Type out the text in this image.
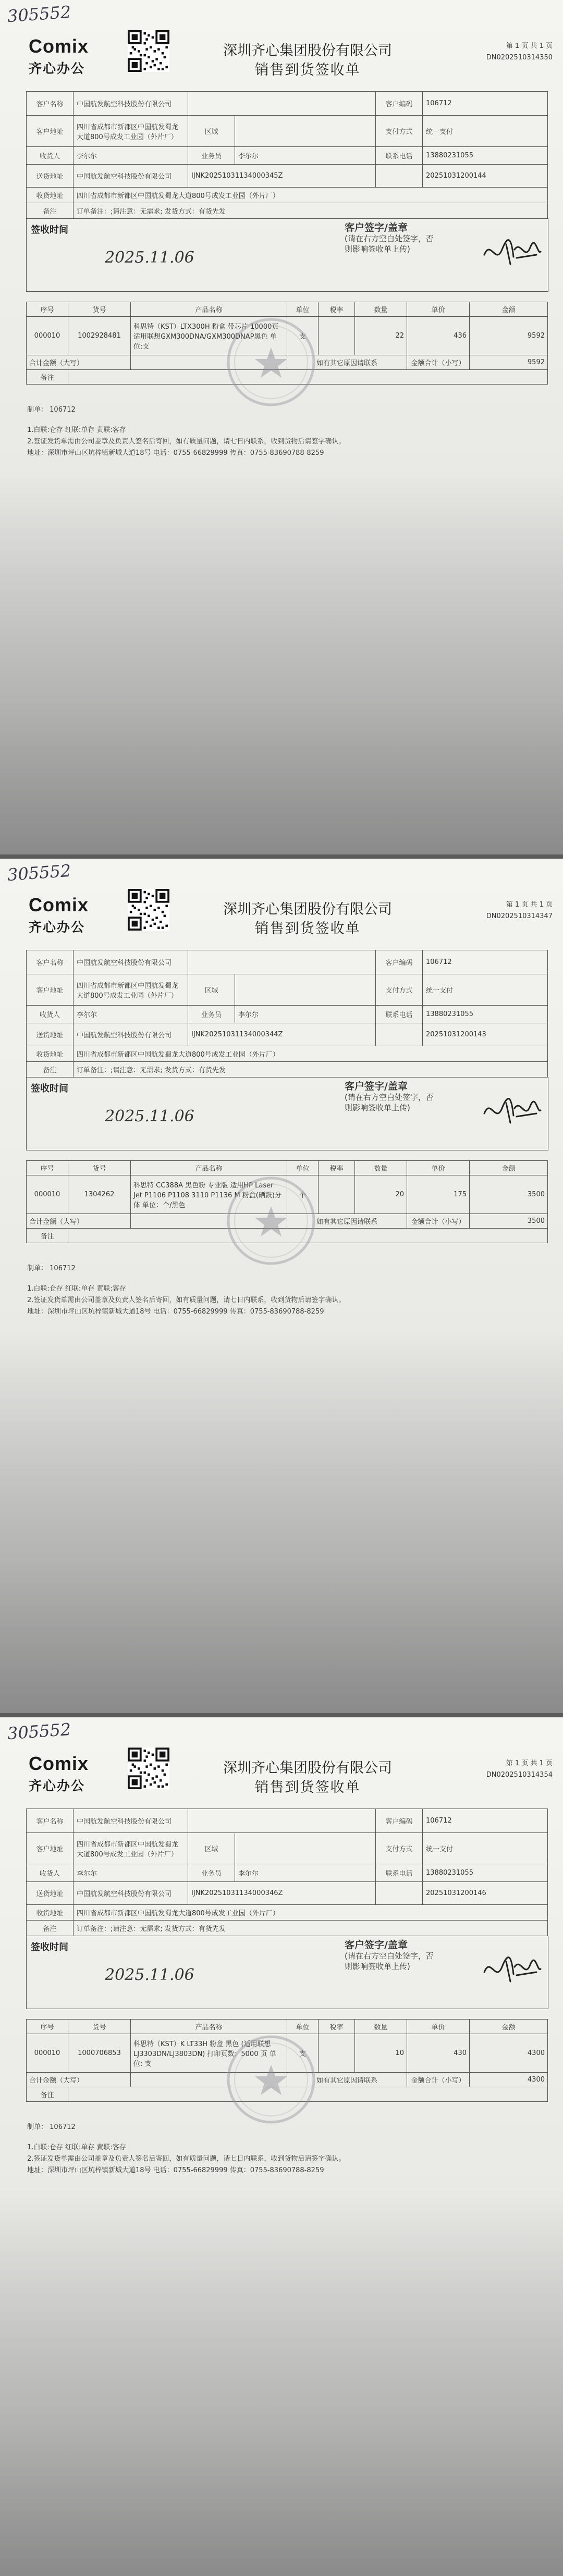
305552
Comix
齐心办公
深圳齐心集团股份有限公司
销售到货签收单
第 1 页 共 1 页
DN0202510314350
客户名称	中国航发航空科技股份有限公司			客户编码	106712
客户地址	四川省成都市新都区中国航发蜀龙大道800号成发工业园（外片厂）	区域		支付方式	统一支付
收货人	李尔尔	业务员	李尔尔	联系电话	13880231055
送货地址	中国航发航空科技股份有限公司	IJNK20251031134000345Z			20251031200144
收货地址	四川省成都市新都区中国航发蜀龙大道800号成发工业园（外片厂）				
备注	订单备注：;请注意：无需求; 发货方式：有货先发				
签收时间
2025.11.06
客户签字/盖章
(请在右方空白处签字，否
则影响签收单上传)
序号	货号	产品名称	单位	税率	数量	单价	金额
000010	1002928481	科思特（KST）LTX300H 粉盒 带芯片 10000页 适用联想GXM300DNA/GXM300DNAP黑色 单位:支	支		22	436	9592
合计金额（大写）			如有其它原因请联系			金额合计（小写）	9592
备注							
制单： 106712
1.白联:仓存 红联:单存 黄联:客存
2.签证发货单需由公司盖章及负责人签名后寄回，如有质量问题，请七日内联系，收到货物后请签字确认。
地址：深圳市坪山区坑梓镇新城大道18号 电话：0755-66829999 传真：0755-83690788-8259
305552
Comix
齐心办公
深圳齐心集团股份有限公司
销售到货签收单
第 1 页 共 1 页
DN0202510314347
客户名称	中国航发航空科技股份有限公司			客户编码	106712
客户地址	四川省成都市新都区中国航发蜀龙大道800号成发工业园（外片厂）	区域		支付方式	统一支付
收货人	李尔尔	业务员	李尔尔	联系电话	13880231055
送货地址	中国航发航空科技股份有限公司	IJNK20251031134000344Z			20251031200143
收货地址	四川省成都市新都区中国航发蜀龙大道800号成发工业园（外片厂）				
备注	订单备注：;请注意：无需求; 发货方式：有货先发				
签收时间
2025.11.06
客户签字/盖章
(请在右方空白处签字，否
则影响签收单上传)
序号	货号	产品名称	单位	税率	数量	单价	金额
000010	1304262	科思特 CC388A 黑色粉 专业版 适用HP Laser Jet P1106 P1108 3110 P1136 M 粉盒(硒鼓)分体 单位：个/黑色	个		20	175	3500
合计金额（大写）			如有其它原因请联系			金额合计（小写）	3500
备注							
制单： 106712
1.白联:仓存 红联:单存 黄联:客存
2.签证发货单需由公司盖章及负责人签名后寄回，如有质量问题，请七日内联系，收到货物后请签字确认。
地址：深圳市坪山区坑梓镇新城大道18号 电话：0755-66829999 传真：0755-83690788-8259
305552
Comix
齐心办公
深圳齐心集团股份有限公司
销售到货签收单
第 1 页 共 1 页
DN0202510314354
客户名称	中国航发航空科技股份有限公司			客户编码	106712
客户地址	四川省成都市新都区中国航发蜀龙大道800号成发工业园（外片厂）	区域		支付方式	统一支付
收货人	李尔尔	业务员	李尔尔	联系电话	13880231055
送货地址	中国航发航空科技股份有限公司	IJNK20251031134000346Z			20251031200146
收货地址	四川省成都市新都区中国航发蜀龙大道800号成发工业园（外片厂）				
备注	订单备注：;请注意：无需求; 发货方式：有货先发				
签收时间
2025.11.06
客户签字/盖章
(请在右方空白处签字，否
则影响签收单上传)
序号	货号	产品名称	单位	税率	数量	单价	金额
000010	1000706853	科思特（KST）K LT33H 粉盒 黑色 (适用联想LJ3303DN/LJ3803DN) 打印页数：5000 页 单位: 支	支		10	430	4300
合计金额（大写）			如有其它原因请联系			金额合计（小写）	4300
备注							
制单： 106712
1.白联:仓存 红联:单存 黄联:客存
2.签证发货单需由公司盖章及负责人签名后寄回，如有质量问题，请七日内联系，收到货物后请签字确认。
地址：深圳市坪山区坑梓镇新城大道18号 电话：0755-66829999 传真：0755-83690788-8259
